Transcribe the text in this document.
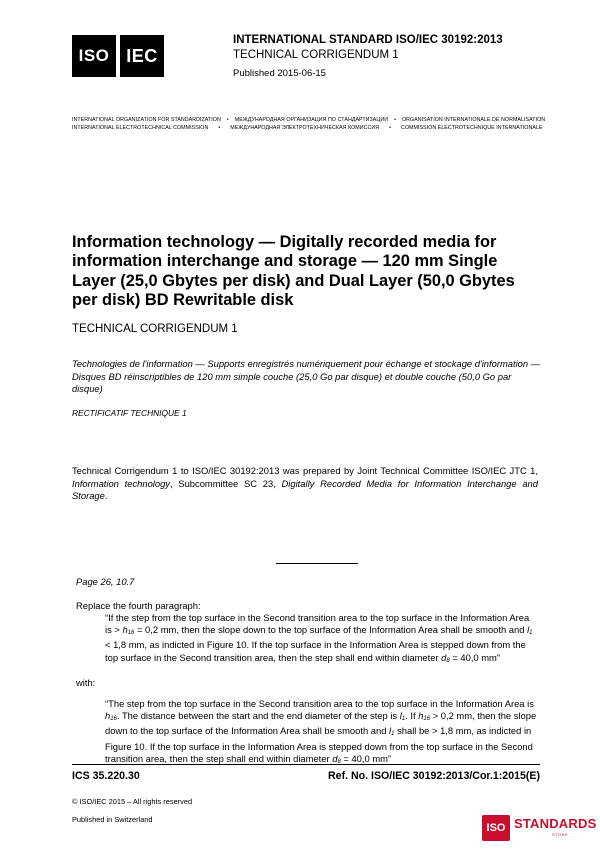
ISO IEC
INTERNATIONAL STANDARD ISO/IEC 30192:2013
TECHNICAL CORRIGENDUM 1
Published 2015-06-15
INTERNATIONAL ORGANIZATION FOR STANDARDIZATION • МЕЖДУНАРОДНАЯ ОРГАНИЗАЦИЯ ПО СТАНДАРТИЗАЦИИ • ORGANISATION INTERNATIONALE DE NORMALISATION
INTERNATIONAL ELECTROTECHNICAL COMMISSION • МЕЖДУНАРОДНАЯ ЭЛЕКТРОТЕХНИЧЕСКАЯ КОМИССИЯ • COMMISSION ÉLECTROTECHNIQUE INTERNATIONALE
Information technology — Digitally recorded media for information interchange and storage — 120 mm Single Layer (25,0 Gbytes per disk) and Dual Layer (50,0 Gbytes per disk) BD Rewritable disk
TECHNICAL CORRIGENDUM 1
Technologies de l'information — Supports enregistrés numériquement pour échange et stockage d'information — Disques BD réinscriptibles de 120 mm simple couche (25,0 Go par disque) et double couche (50,0 Go par disque)
RECTIFICATIF TECHNIQUE 1
Technical Corrigendum 1 to ISO/IEC 30192:2013 was prepared by Joint Technical Committee ISO/IEC JTC 1, Information technology, Subcommittee SC 23, Digitally Recorded Media for Information Interchange and Storage.
Page 26, 10.7
Replace the fourth paragraph:
“If the step from the top surface in the Second transition area to the top surface in the Information Area is > $h_{16} = 0,2$ mm, then the slope down to the top surface of the Information Area shall be smooth and $l_1 < 1,8$ mm, as indicted in Figure 10. If the top surface in the Information Area is stepped down from the top surface in the Second transition area, then the step shall end within diameter $d_8 = 40,0$ mm”
with:
“The step from the top surface in the Second transition area to the top surface in the Information Area is $h_{16}$. The distance between the start and the end diameter of the step is $l_1$. If $h_{16} > 0,2$ mm, then the slope down to the top surface of the Information Area shall be smooth and $l_1$ shall be > 1,8 mm, as indicted in Figure 10. If the top surface in the Information Area is stepped down from the top surface in the Second transition area, then the step shall end within diameter $d_8 = 40,0$ mm”
ICS 35.220.30	Ref. No. ISO/IEC 30192:2013/Cor.1:2015(E)
© ISO/IEC 2015 – All rights reserved
Published in Switzerland
ISO STANDARDS
STORE
